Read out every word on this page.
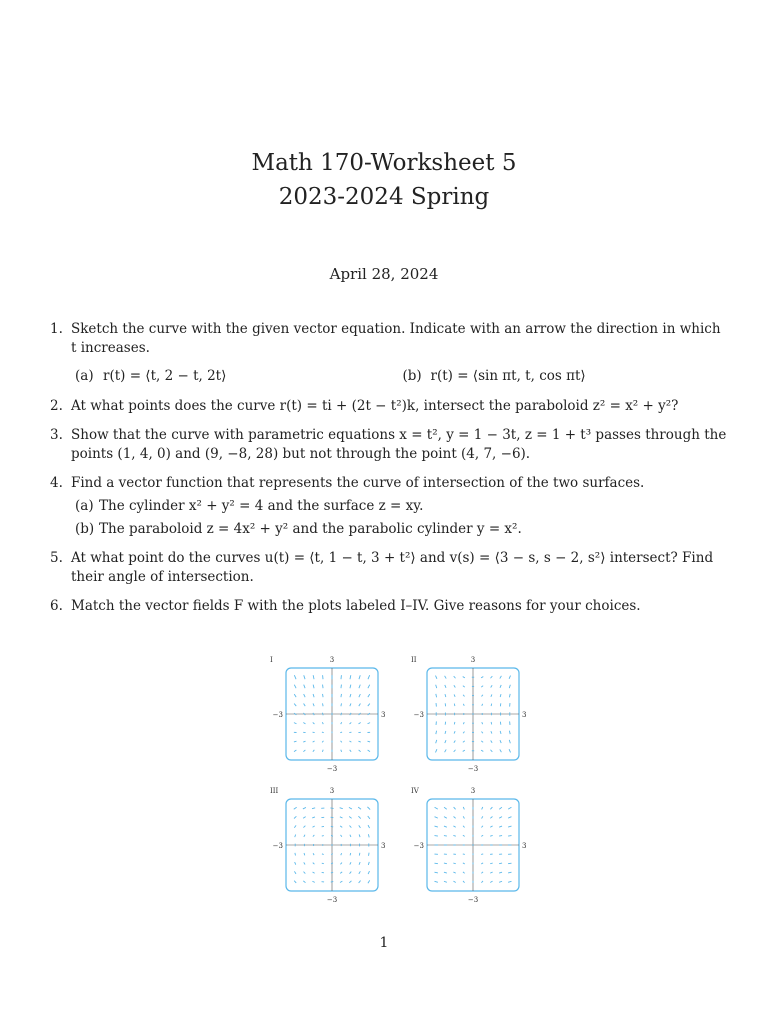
Math 170-Worksheet 5
2023-2024 Spring
April 28, 2024
1. Sketch the curve with the given vector equation. Indicate with an arrow the direction in which t increases.
(a) r(t) = ⟨t, 2 − t, 2t⟩	(b) r(t) = ⟨sin πt, t, cos πt⟩
2. At what points does the curve r(t) = ti + (2t − t²)k, intersect the paraboloid z² = x² + y²?
3. Show that the curve with parametric equations x = t², y = 1 − 3t, z = 1 + t³ passes through the points (1, 4, 0) and (9, −8, 28) but not through the point (4, 7, −6).
4. Find a vector function that represents the curve of intersection of the two surfaces.
(a) The cylinder x² + y² = 4 and the surface z = xy.
(b) The paraboloid z = 4x² + y² and the parabolic cylinder y = x².
5. At what point do the curves u(t) = ⟨t, 1 − t, 3 + t²⟩ and v(s) = ⟨3 − s, s − 2, s²⟩ intersect? Find their angle of intersection.
6. Match the vector fields F with the plots labeled I–IV. Give reasons for your choices.
I	3
−3	3
−3
II	3
−3	3
−3
III	3
−3	3
−3
IV	3
−3	3
−3
1
